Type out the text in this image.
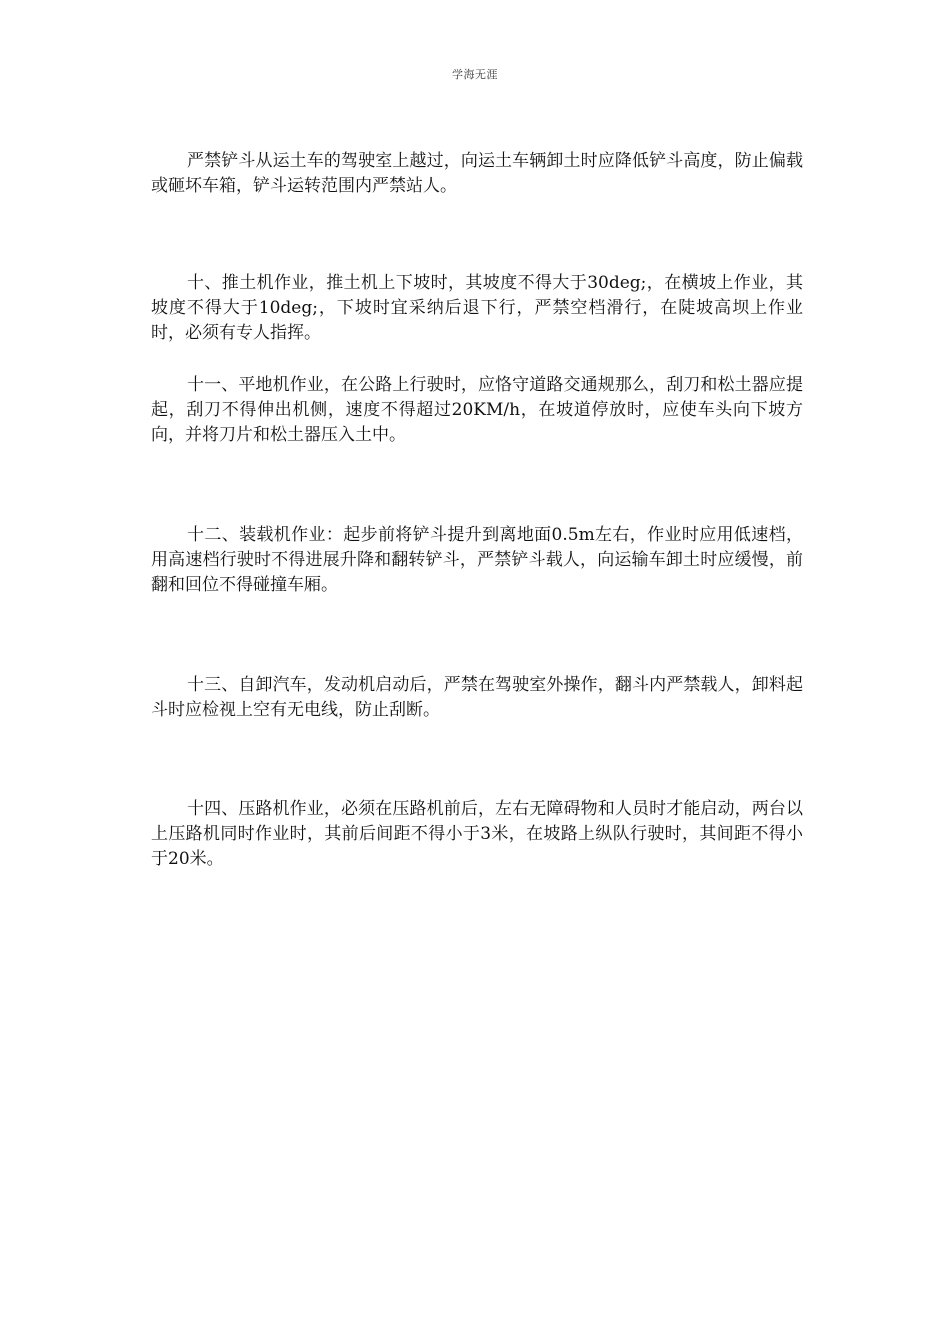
学海无涯

严禁铲斗从运土车的驾驶室上越过，向运土车辆卸土时应降低铲斗高度，防止偏载或砸坏车箱，铲斗运转范围内严禁站人。

十、推土机作业，推土机上下坡时，其坡度不得大于30deg;，在横坡上作业，其坡度不得大于10deg;，下坡时宜采纳后退下行，严禁空档滑行，在陡坡高坝上作业时，必须有专人指挥。

十一、平地机作业，在公路上行驶时，应恪守道路交通规那么，刮刀和松土器应提起，刮刀不得伸出机侧，速度不得超过20KM/h，在坡道停放时，应使车头向下坡方向，并将刀片和松土器压入土中。

十二、装载机作业：起步前将铲斗提升到离地面0.5m左右，作业时应用低速档，用高速档行驶时不得进展升降和翻转铲斗，严禁铲斗载人，向运输车卸土时应缓慢，前翻和回位不得碰撞车厢。

十三、自卸汽车，发动机启动后，严禁在驾驶室外操作，翻斗内严禁载人，卸料起斗时应检视上空有无电线，防止刮断。

十四、压路机作业，必须在压路机前后，左右无障碍物和人员时才能启动，两台以上压路机同时作业时，其前后间距不得小于3米，在坡路上纵队行驶时，其间距不得小于20米。
